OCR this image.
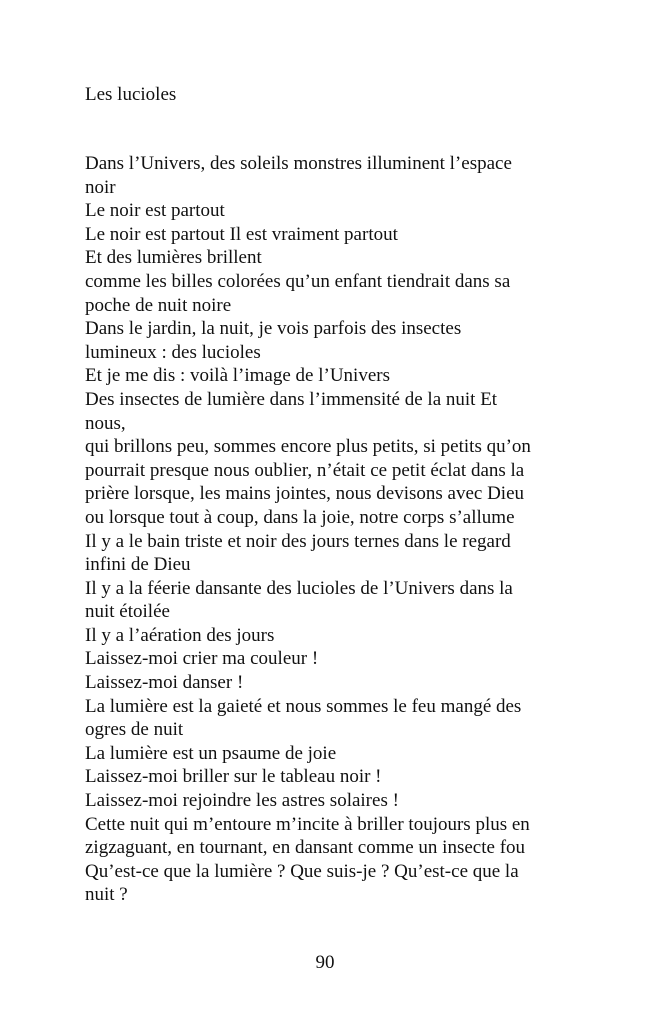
Les lucioles
Dans l’Univers, des soleils monstres illuminent l’espace
noir
Le noir est partout
Le noir est partout Il est vraiment partout
Et des lumières brillent
comme les billes colorées qu’un enfant tiendrait dans sa
poche de nuit noire
Dans le jardin, la nuit, je vois parfois des insectes
lumineux : des lucioles
Et je me dis : voilà l’image de l’Univers
Des insectes de lumière dans l’immensité de la nuit Et
nous,
qui brillons peu, sommes encore plus petits, si petits qu’on
pourrait presque nous oublier, n’était ce petit éclat dans la
prière lorsque, les mains jointes, nous devisons avec Dieu
ou lorsque tout à coup, dans la joie, notre corps s’allume
Il y a le bain triste et noir des jours ternes dans le regard
infini de Dieu
Il y a la féerie dansante des lucioles de l’Univers dans la
nuit étoilée
Il y a l’aération des jours
Laissez-moi crier ma couleur !
Laissez-moi danser !
La lumière est la gaieté et nous sommes le feu mangé des
ogres de nuit
La lumière est un psaume de joie
Laissez-moi briller sur le tableau noir !
Laissez-moi rejoindre les astres solaires !
Cette nuit qui m’entoure m’incite à briller toujours plus en
zigzaguant, en tournant, en dansant comme un insecte fou
Qu’est-ce que la lumière ? Que suis-je ? Qu’est-ce que la
nuit ?
90
